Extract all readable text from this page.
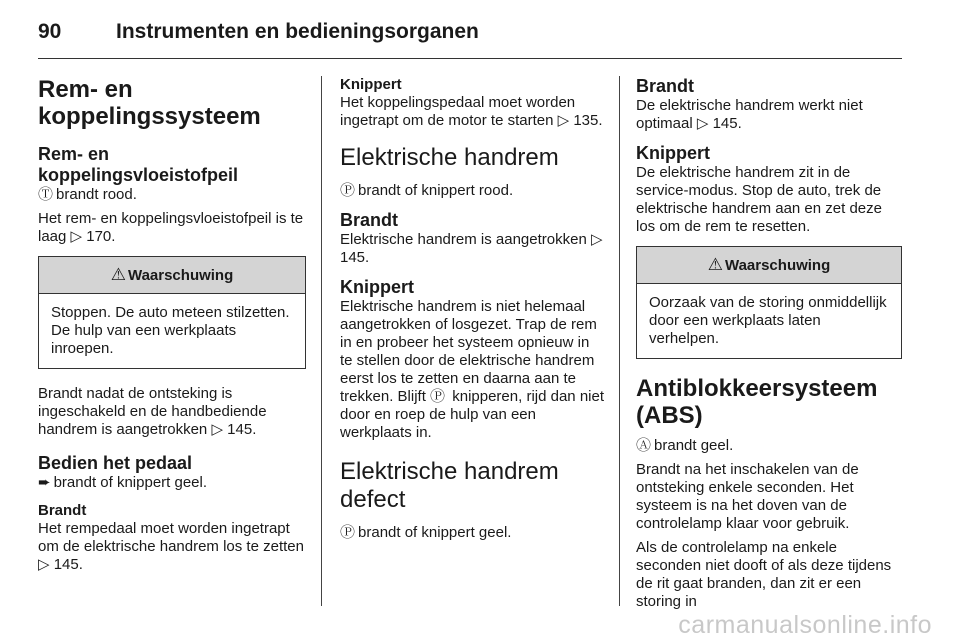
90	Instrumenten en bedieningsorganen
Rem- en koppelingssysteem
Rem- en koppelingsvloeistofpeil

Ⓣ brandt rood.

Het rem- en koppelingsvloeistofpeil is te laag ▷ 170.

⚠ Waarschuwing
Stoppen. De auto meteen stilzetten. De hulp van een werkplaats inroepen.

Brandt nadat de ontsteking is ingeschakeld en de handbediende handrem is aangetrokken ▷ 145.

Bedien het pedaal

➨ brandt of knippert geel.

Brandt

Het rempedaal moet worden ingetrapt om de elektrische handrem los te zetten ▷ 145.

Knippert

Het koppelingspedaal moet worden ingetrapt om de motor te starten ▷ 135.

Elektrische handrem

Ⓟ brandt of knippert rood.

Brandt

Elektrische handrem is aangetrokken ▷ 145.

Knippert

Elektrische handrem is niet helemaal aangetrokken of losgezet. Trap de rem in en probeer het systeem opnieuw in te stellen door de elektrische handrem eerst los te zetten en daarna aan te trekken. Blijft Ⓟ knipperen, rijd dan niet door en roep de hulp van een werkplaats in.

Elektrische handrem defect

Ⓟ brandt of knippert geel.

Brandt

De elektrische handrem werkt niet optimaal ▷ 145.

Knippert

De elektrische handrem zit in de service-modus. Stop de auto, trek de elektrische handrem aan en zet deze los om de rem te resetten.

⚠ Waarschuwing
Oorzaak van de storing onmiddellijk door een werkplaats laten verhelpen.
Antiblokkeersysteem (ABS)

Ⓐ brandt geel.

Brandt na het inschakelen van de ontsteking enkele seconden. Het systeem is na het doven van de controlelamp klaar voor gebruik.

Als de controlelamp na enkele seconden niet dooft of als deze tijdens de rit gaat branden, dan zit er een storing in

carmanualsonline.info
